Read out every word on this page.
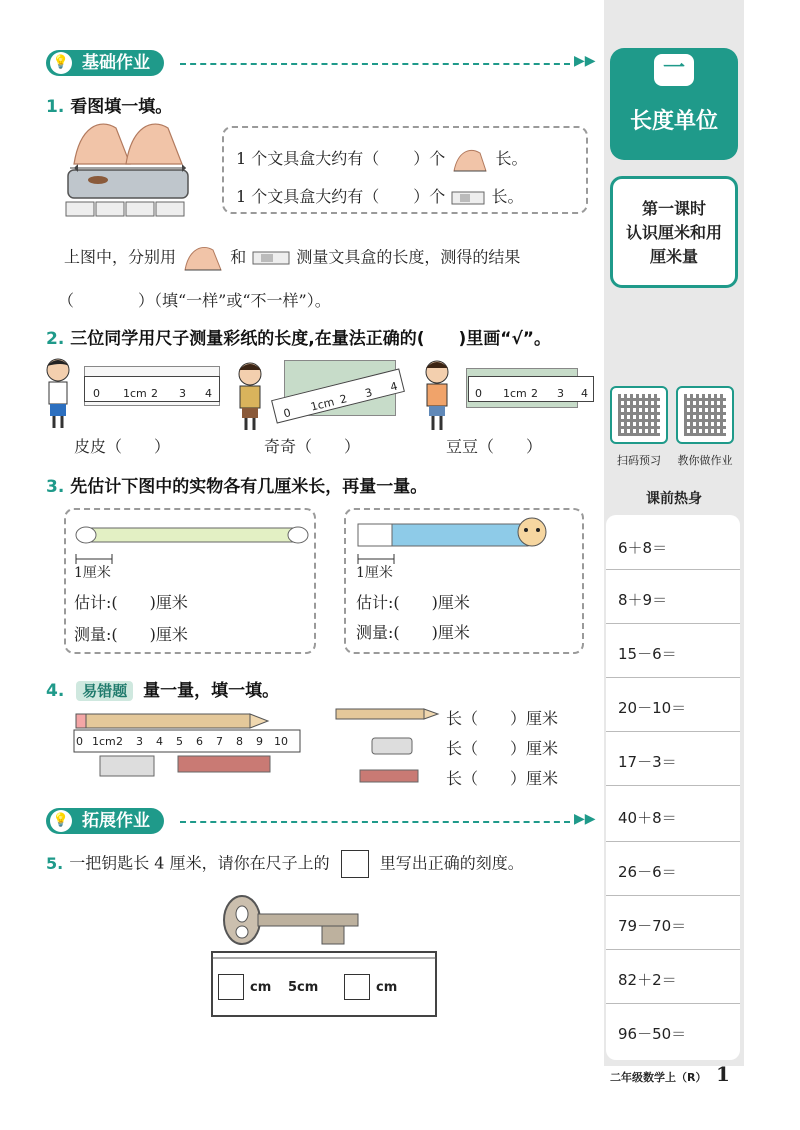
💡 基础作业	▶▶
1. 看图填一填。
1 个文具盒大约有（ ）个	长。
1 个文具盒大约有（ ）个	长。
上图中，分别用	和	测量文具盒的长度，测得的结果
（　　　　）（填“一样”或“不一样”）。
2. 三位同学用尺子测量彩纸的长度,在量法正确的(　　)里画“√”。
0 1cm 2 3 4
0 1cm 2 3 4	0 1cm 2 3 4
皮皮（　　）	奇奇（　　）	豆豆（　　）
3. 先估计下图中的实物各有几厘米长，再量一量。
1厘米
估计:(　　)厘米
测量:(　　)厘米
1厘米
估计:(　　)厘米
测量:(　　)厘米
4. 易错题 量一量，填一填。
0 1cm 2 3 4 5 6 7 8 9 10
长（　　）厘米
长（　　）厘米
长（　　）厘米
💡 拓展作业	▶▶
5. 一把钥匙长 4 厘米，请你在尺子上的	里写出正确的刻度。
cm 5cm	cm
一
长度单位
第一课时
认识厘米和用
厘米量
扫码预习	教你做作业
课前热身
6＋8＝
8＋9＝
15－6＝
20－10＝
17－3＝
40＋8＝
26－6＝
79－70＝
82＋2＝
96－50＝
二年级数学上（R） 1
